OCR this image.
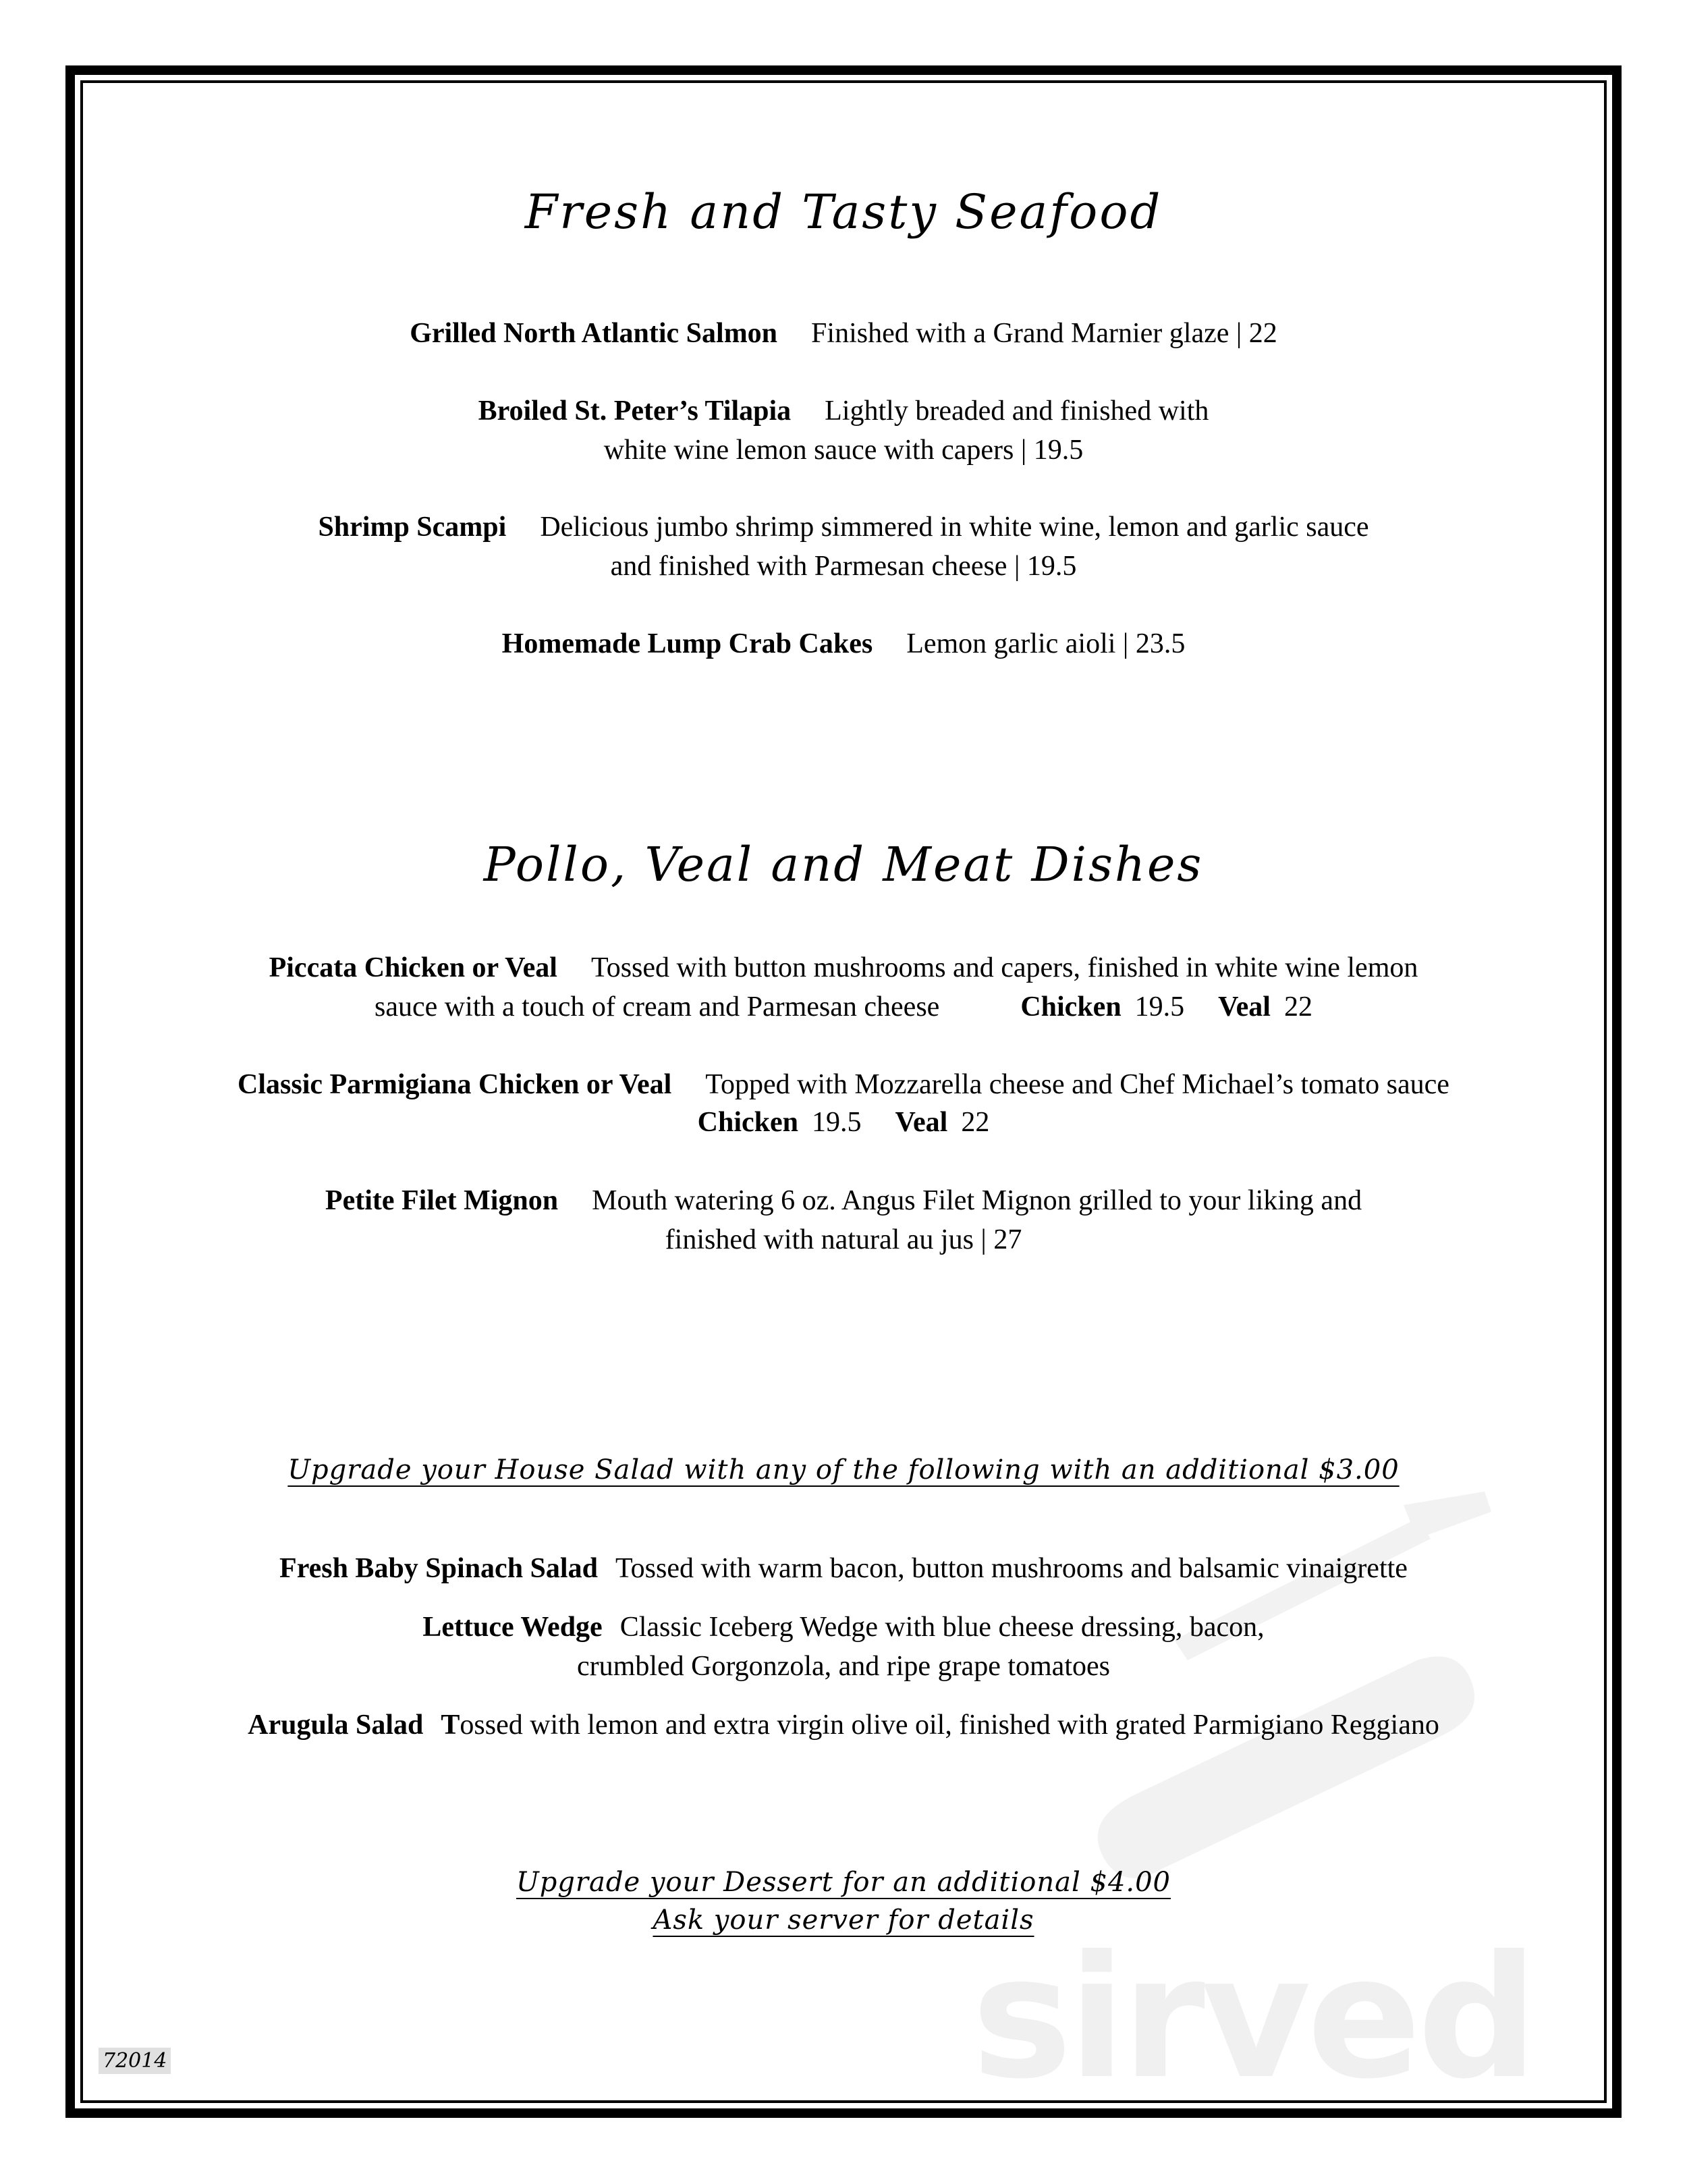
sirved
Fresh and Tasty Seafood
Grilled North Atlantic Salmon Finished with a Grand Marnier glaze | 22
Broiled St. Peter’s Tilapia Lightly breaded and finished with
white wine lemon sauce with capers | 19.5
Shrimp Scampi Delicious jumbo shrimp simmered in white wine, lemon and garlic sauce
and finished with Parmesan cheese | 19.5
Homemade Lump Crab Cakes Lemon garlic aioli | 23.5
Pollo, Veal and Meat Dishes
Piccata Chicken or Veal Tossed with button mushrooms and capers, finished in white wine lemon
sauce with a touch of cream and Parmesan cheese	Chicken 19.5 Veal 22
Classic Parmigiana Chicken or Veal Topped with Mozzarella cheese and Chef Michael’s tomato sauce
Chicken 19.5 Veal 22
Petite Filet Mignon Mouth watering 6 oz. Angus Filet Mignon grilled to your liking and
finished with natural au jus | 27
Upgrade your House Salad with any of the following with an additional $3.00
Fresh Baby Spinach Salad Tossed with warm bacon, button mushrooms and balsamic vinaigrette
Lettuce Wedge Classic Iceberg Wedge with blue cheese dressing, bacon,
crumbled Gorgonzola, and ripe grape tomatoes
Arugula Salad Tossed with lemon and extra virgin olive oil, finished with grated Parmigiano Reggiano
Upgrade your Dessert for an additional $4.00
Ask your server for details
72014
